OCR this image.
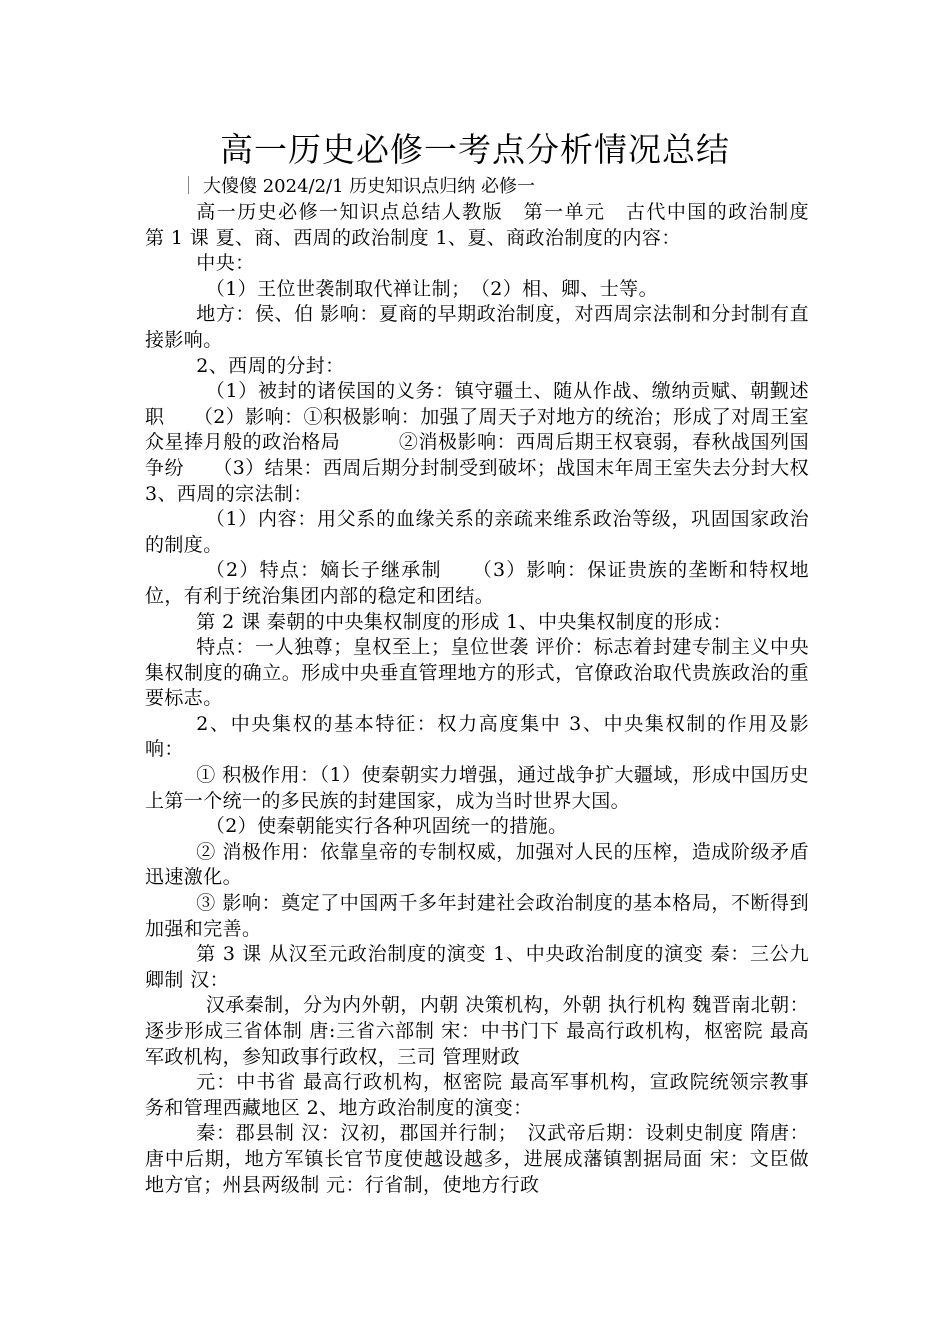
高一历史必修一考点分析情况总结
大傻傻 2024/2/1 历史知识点归纳 必修一

高一历史必修一知识点总结人教版　第一单元　古代中国的政治制度　第 1 课 夏、商、西周的政治制度 1、夏、商政治制度的内容：

中央：

（1）王位世袭制取代禅让制；　（2）相、卿、士等。

地方：侯、伯 影响：夏商的早期政治制度，对西周宗法制和分封制有直接影响。

2、西周的分封：

（1）被封的诸侯国的义务：镇守疆土、随从作战、缴纳贡赋、朝觐述职　　（2）影响：①积极影响：加强了周天子对地方的统治；形成了对周王室众星捧月般的政治格局　　　②消极影响：西周后期王权衰弱，春秋战国列国争纷　　（3）结果：西周后期分封制受到破坏；战国末年周王室失去分封大权 3、西周的宗法制：

（1）内容：用父系的血缘关系的亲疏来维系政治等级，巩固国家政治的制度。

（2）特点：嫡长子继承制　　（3）影响：保证贵族的垄断和特权地位，有利于统治集团内部的稳定和团结。

第 2 课 秦朝的中央集权制度的形成 1、中央集权制度的形成：

特点：一人独尊；皇权至上；皇位世袭 评价：标志着封建专制主义中央集权制度的确立。形成中央垂直管理地方的形式，官僚政治取代贵族政治的重要标志。

2、中央集权的基本特征：权力高度集中 3、中央集权制的作用及影响：

① 积极作用：（1）使秦朝实力增强，通过战争扩大疆域，形成中国历史上第一个统一的多民族的封建国家，成为当时世界大国。

（2）使秦朝能实行各种巩固统一的措施。

② 消极作用：依靠皇帝的专制权威，加强对人民的压榨，造成阶级矛盾迅速激化。

③ 影响：奠定了中国两千多年封建社会政治制度的基本格局，不断得到加强和完善。

第 3 课 从汉至元政治制度的演变 1、中央政治制度的演变 秦：三公九卿制 汉：

汉承秦制，分为内外朝，内朝 决策机构，外朝 执行机构 魏晋南北朝：逐步形成三省体制 唐:三省六部制 宋：中书门下 最高行政机构，枢密院 最高军政机构，参知政事行政权，三司 管理财政

元：中书省 最高行政机构，枢密院 最高军事机构，宣政院统领宗教事务和管理西藏地区 2、地方政治制度的演变：

秦：郡县制 汉：汉初，郡国并行制；　汉武帝后期：设刺史制度 隋唐：唐中后期，地方军镇长官节度使越设越多，进展成藩镇割据局面 宋：文臣做地方官；州县两级制 元：行省制，使地方行政
